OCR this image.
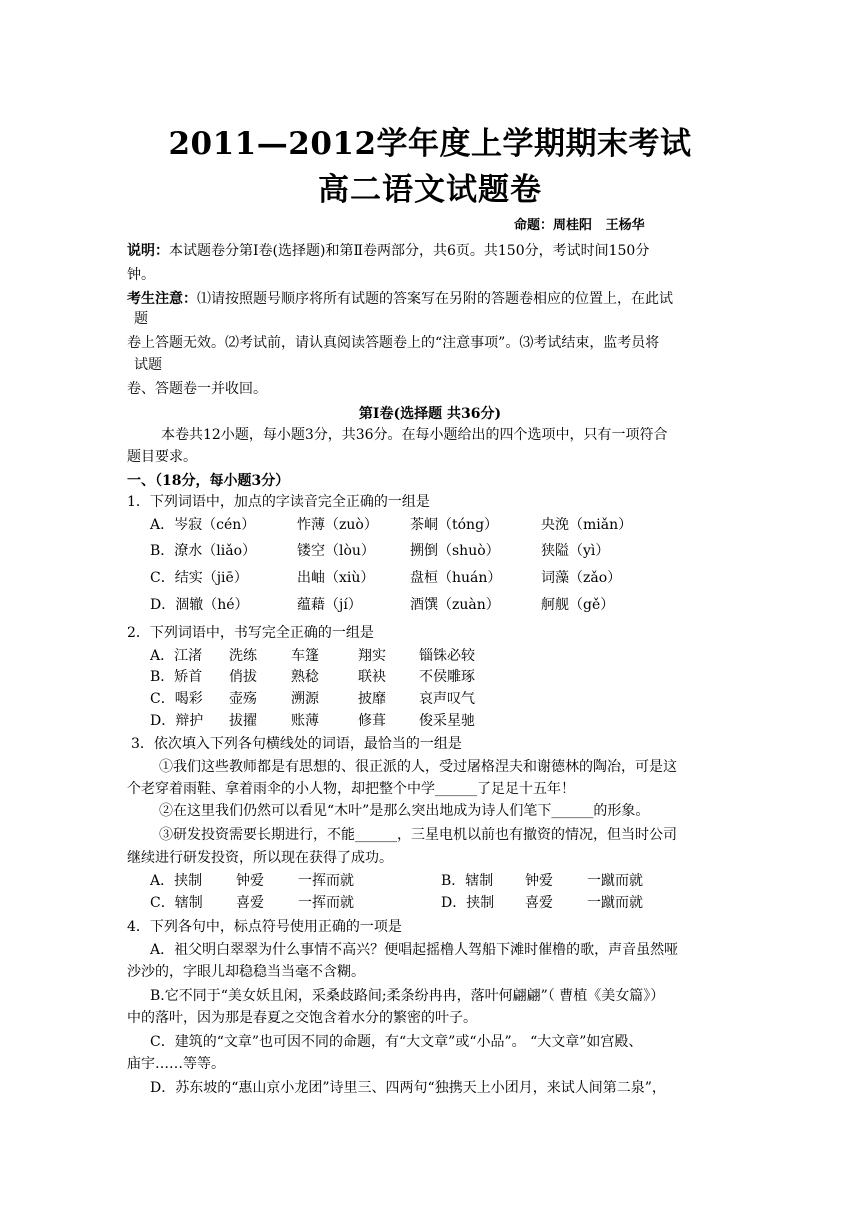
2011—2012学年度上学期期末考试
高二语文试题卷
命题：周桂阳   王杨华
说明：本试题卷分第Ⅰ卷(选择题)和第Ⅱ卷两部分，共6页。共150分，考试时间150分
钟。
考生注意：⑴请按照题号顺序将所有试题的答案写在另附的答题卷相应的位置上，在此试
题
卷上答题无效。⑵考试前，请认真阅读答题卷上的“注意事项”。⑶考试结束，监考员将
试题
卷、答题卷一并收回。
第Ⅰ卷(选择题 共36分)
本卷共12小题，每小题3分，共36分。在每小题给出的四个选项中，只有一项符合
题目要求。
一、（18分，每小题3分）
1．下列词语中，加点的字读音完全正确的一组是
A．岑寂（cén）	怍薄（zuò） 茶峒（tóng）	央浼（miǎn）
B．潦水（liǎo）	镂空（lòu）	搠倒（shuò）	狭隘（yì）
C．结实（jiē）	出岫（xiù）	盘桓（huán）	词藻（zǎo）
D．涸辙（hé）	蕴藉（jí）	酒馔（zuàn）	舸舰（gě）
2．下列词语中，书写完全正确的一组是
A．江渚 洗练 车篷	翔实 锱铢必较
B．矫首 俏拔 熟稔	联袂 不侯雕琢
C．喝彩 壶殇 溯源	披靡 哀声叹气
D．辩护 拔擢 账薄	修葺 俊采星驰
3．依次填入下列各句横线处的词语，最恰当的一组是
①我们这些教师都是有思想的、很正派的人，受过屠格涅夫和谢德林的陶冶，可是这
个老穿着雨鞋、拿着雨伞的小人物，却把整个中学______了足足十五年！
②在这里我们仍然可以看见“木叶”是那么突出地成为诗人们笔下______的形象。
③研发投资需要长期进行，不能______，三星电机以前也有撤资的情况，但当时公司
继续进行研发投资，所以现在获得了成功。
A．挟制 钟爱 一挥而就	B．辖制 钟爱 一蹴而就
C．辖制 喜爱 一挥而就	D．挟制 喜爱 一蹴而就
4．下列各句中，标点符号使用正确的一项是
A．祖父明白翠翠为什么事情不高兴？便唱起摇橹人驾船下滩时催橹的歌，声音虽然哑
沙沙的，字眼儿却稳稳当当毫不含糊。
B.它不同于“美女妖且闲，采桑歧路间;柔条纷冉冉，落叶何翩翩”（ 曹植《美女篇》）
中的落叶，因为那是春夏之交饱含着水分的繁密的叶子。
C．建筑的“文章”也可因不同的命题，有“大文章”或“小品”。 “大文章”如宫殿、
庙宇……等等。
D．苏东坡的“惠山京小龙团”诗里三、四两句“独携天上小团月，来试人间第二泉”，
